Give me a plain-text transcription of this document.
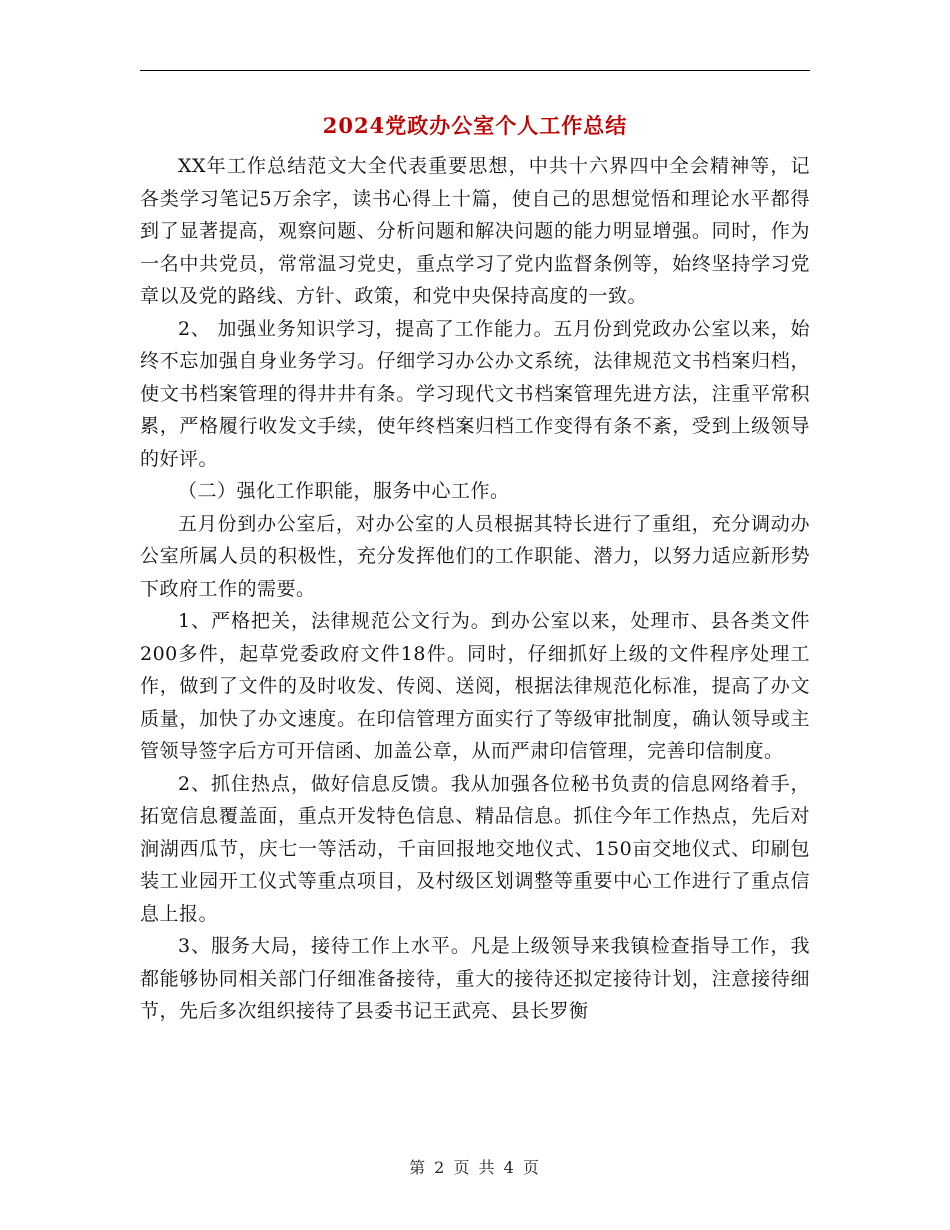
2024党政办公室个人工作总结

XX年工作总结范文大全代表重要思想，中共十六界四中全会精神等，记各类学习笔记5万余字，读书心得上十篇，使自己的思想觉悟和理论水平都得到了显著提高，观察问题、分析问题和解决问题的能力明显增强。同时，作为一名中共党员，常常温习党史，重点学习了党内监督条例等，始终坚持学习党章以及党的路线、方针、政策，和党中央保持高度的一致。

2、 加强业务知识学习，提高了工作能力。五月份到党政办公室以来，始终不忘加强自身业务学习。仔细学习办公办文系统，法律规范文书档案归档，使文书档案管理的得井井有条。学习现代文书档案管理先进方法，注重平常积累，严格履行收发文手续，使年终档案归档工作变得有条不紊，受到上级领导的好评。

（二）强化工作职能，服务中心工作。

五月份到办公室后，对办公室的人员根据其特长进行了重组，充分调动办公室所属人员的积极性，充分发挥他们的工作职能、潜力，以努力适应新形势下政府工作的需要。

1、严格把关，法律规范公文行为。到办公室以来，处理市、县各类文件200多件，起草党委政府文件18件。同时，仔细抓好上级的文件程序处理工作，做到了文件的及时收发、传阅、送阅，根据法律规范化标准，提高了办文质量，加快了办文速度。在印信管理方面实行了等级审批制度，确认领导或主管领导签字后方可开信函、加盖公章，从而严肃印信管理，完善印信制度。

2、抓住热点，做好信息反馈。我从加强各位秘书负责的信息网络着手，拓宽信息覆盖面，重点开发特色信息、精品信息。抓住今年工作热点，先后对涧湖西瓜节，庆七一等活动，千亩回报地交地仪式、150亩交地仪式、印刷包装工业园开工仪式等重点项目，及村级区划调整等重要中心工作进行了重点信息上报。

3、服务大局，接待工作上水平。凡是上级领导来我镇检查指导工作，我都能够协同相关部门仔细准备接待，重大的接待还拟定接待计划，注意接待细节，先后多次组织接待了县委书记王武亮、县长罗衡

第 2 页 共 4 页
